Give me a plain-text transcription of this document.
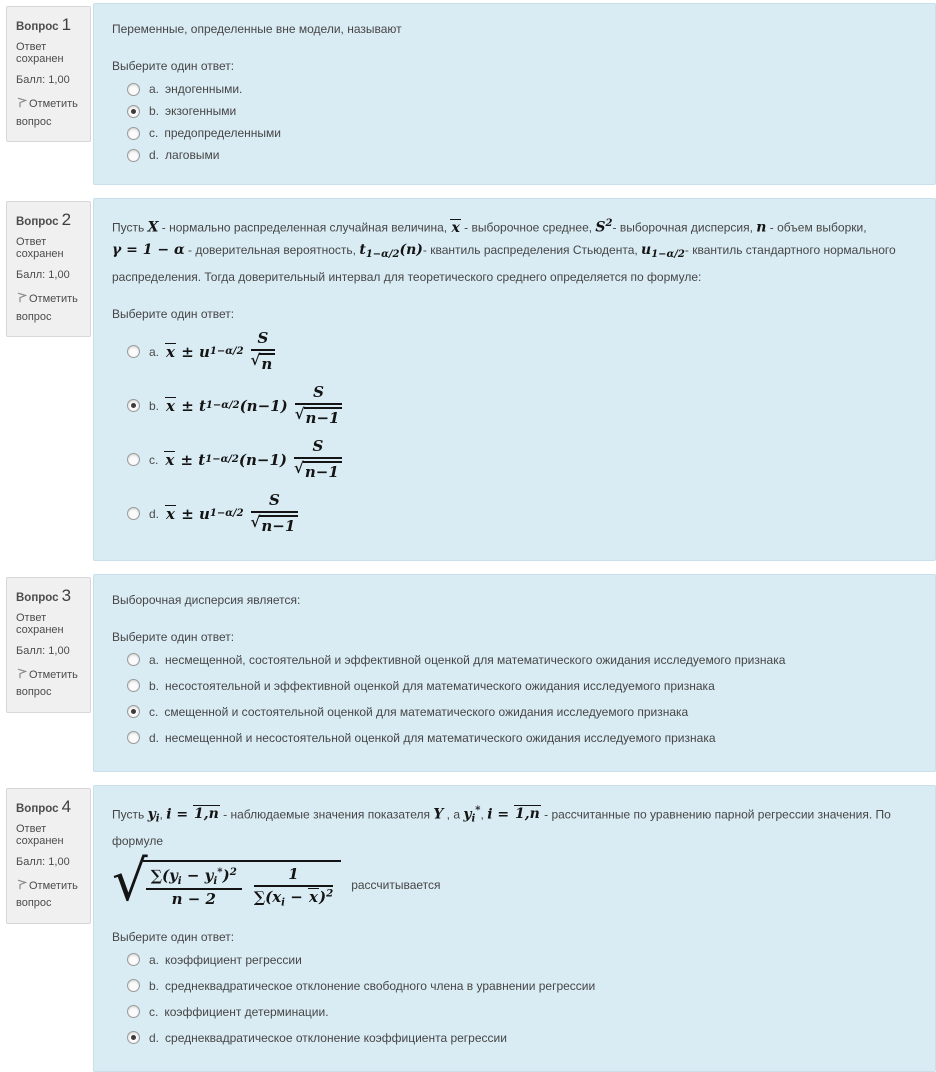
Вопрос 1
Ответ сохранен
Балл: 1,00
Отметить вопрос
Переменные, определенные вне модели, называют
Выберите один ответ:
a. эндогенными.
b. экзогенными
c. предопределенными
d. лаговыми
Вопрос 2
Ответ сохранен
Балл: 1,00
Отметить вопрос
Пусть X - нормально распределенная случайная величина, x - выборочное среднее, $S^2-$ выборочная дисперсия, n - объем выборки, γ = 1 − α - доверительная вероятность, $t_{1-\alpha/2}(n)-$ квантиль распределения Стьюдента, $u_{1-\alpha/2}-$ квантиль стандартного нормального распределения. Тогда доверительный интервал для теоретического среднего определяется по формуле:
Выберите один ответ:
a. x ± u $1-\alpha/2 \frac{S}{√ n}$
b. x ± t 1−α/2 $(n-1) \frac{S}{√ n-1}$
c. x ± t 1−α/2 $(n-1) \frac{S}{√ n-1}$
d. x ± u $1-\alpha/2 \frac{S}{√ n-1}$
Вопрос 3
Ответ сохранен
Балл: 1,00
Отметить вопрос
Выборочная дисперсия является:
Выберите один ответ:
a. несмещенной, состоятельной и эффективной оценкой для математического ожидания исследуемого признака
b. несостоятельной и эффективной оценкой для математического ожидания исследуемого признака
c. смещенной и состоятельной оценкой для математического ожидания исследуемого признака
d. несмещенной и несостоятельной оценкой для математического ожидания исследуемого признака
Вопрос 4
Ответ сохранен
Балл: 1,00
Отметить вопрос
Пусть $y_i$, i = 1,n - наблюдаемые значения показателя Y , а $y_i^*$, i = 1,n - рассчитанные по уравнению парной регрессии значения. По формуле
√
$\frac{\sum(y_i - y_i^*)^2}{n - 2} \frac{1}{\sum(x_i - x)^2}$ рассчитывается
Выберите один ответ:
a. коэффициент регрессии
b. среднеквадратическое отклонение свободного члена в уравнении регрессии
c. коэффициент детерминации.
d. среднеквадратическое отклонение коэффициента регрессии
